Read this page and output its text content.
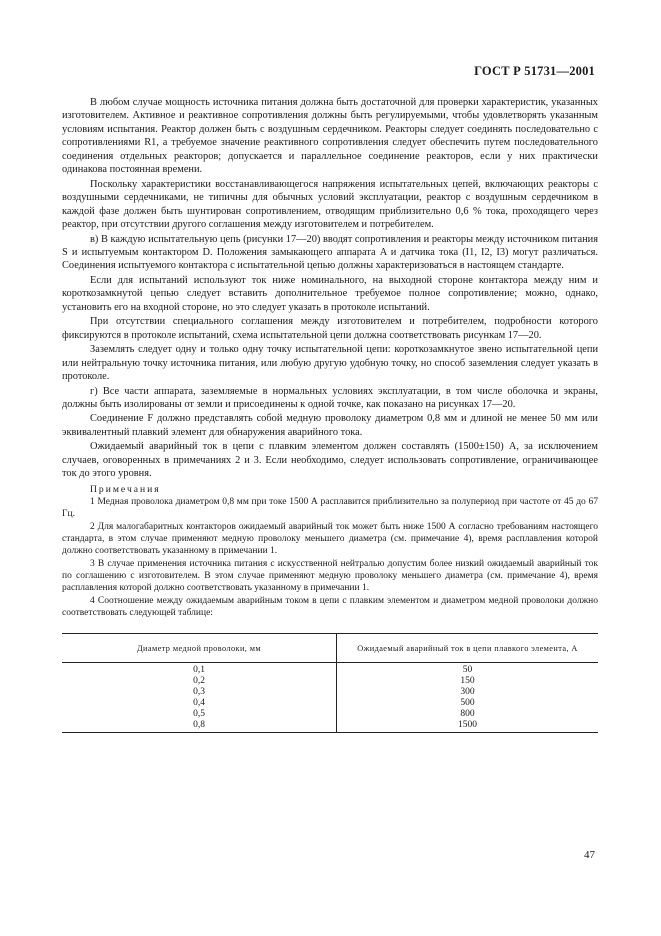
ГОСТ Р 51731—2001

В любом случае мощность источника питания должна быть достаточной для проверки характеристик, указанных изготовителем. Активное и реактивное сопротивления должны быть регулируемыми, чтобы удовлетворять указанным условиям испытания. Реактор должен быть с воздушным сердечником. Реакторы следует соединять последовательно с сопротивлениями R1, а требуемое значение реактивного сопротивления следует обеспечить путем последовательного соединения отдельных реакторов; допускается и параллельное соединение реакторов, если у них практически одинакова постоянная времени.

Поскольку характеристики восстанавливающегося напряжения испытательных цепей, включающих реакторы с воздушными сердечниками, не типичны для обычных условий эксплуатации, реактор с воздушным сердечником в каждой фазе должен быть шунтирован сопротивлением, отводящим приблизительно 0,6 % тока, проходящего через реактор, при отсутствии другого соглашения между изготовителем и потребителем.

в) В каждую испытательную цепь (рисунки 17—20) вводят сопротивления и реакторы между источником питания S и испытуемым контактором D. Положения замыкающего аппарата A и датчика тока (I1, I2, I3) могут различаться. Соединения испытуемого контактора с испытательной цепью должны характеризоваться в настоящем стандарте.

Если для испытаний используют ток ниже номинального, на выходной стороне контактора между ним и короткозамкнутой цепью следует вставить дополнительное требуемое полное сопротивление; можно, однако, установить его на входной стороне, но это следует указать в протоколе испытаний.

При отсутствии специального соглашения между изготовителем и потребителем, подробности которого фиксируются в протоколе испытаний, схема испытательной цепи должна соответствовать рисункам 17—20.

Заземлять следует одну и только одну точку испытательной цепи: короткозамкнутое звено испытательной цепи или нейтральную точку источника питания, или любую другую удобную точку, но способ заземления следует указать в протоколе.

г) Все части аппарата, заземляемые в нормальных условиях эксплуатации, в том числе оболочка и экраны, должны быть изолированы от земли и присоединены к одной точке, как показано на рисунках 17—20.

Соединение F должно представлять собой медную проволоку диаметром 0,8 мм и длиной не менее 50 мм или эквивалентный плавкий элемент для обнаружения аварийного тока.

Ожидаемый аварийный ток в цепи с плавким элементом должен составлять (1500±150) А, за исключением случаев, оговоренных в примечаниях 2 и 3. Если необходимо, следует использовать сопротивление, ограничивающее ток до этого уровня.

Примечания

1 Медная проволока диаметром 0,8 мм при токе 1500 А расплавится приблизительно за полупериод при частоте от 45 до 67 Гц.

2 Для малогабаритных контакторов ожидаемый аварийный ток может быть ниже 1500 А согласно требованиям настоящего стандарта, в этом случае применяют медную проволоку меньшего диаметра (см. примечание 4), время расплавления которой должно соответствовать указанному в примечании 1.

3 В случае применения источника питания с искусственной нейтралью допустим более низкий ожидаемый аварийный ток по соглашению с изготовителем. В этом случае применяют медную проволоку меньшего диаметра (см. примечание 4), время расплавления которой должно соответствовать указанному в примечании 1.

4 Соотношение между ожидаемым аварийным током в цепи с плавким элементом и диаметром медной проволоки должно соответствовать следующей таблице:

Диаметр медной проволоки, мм	Ожидаемый аварийный ток в цепи плавкого элемента, А
0,1	50
0,2	150
0,3	300
0,4	500
0,5	800
0,8	1500
47
